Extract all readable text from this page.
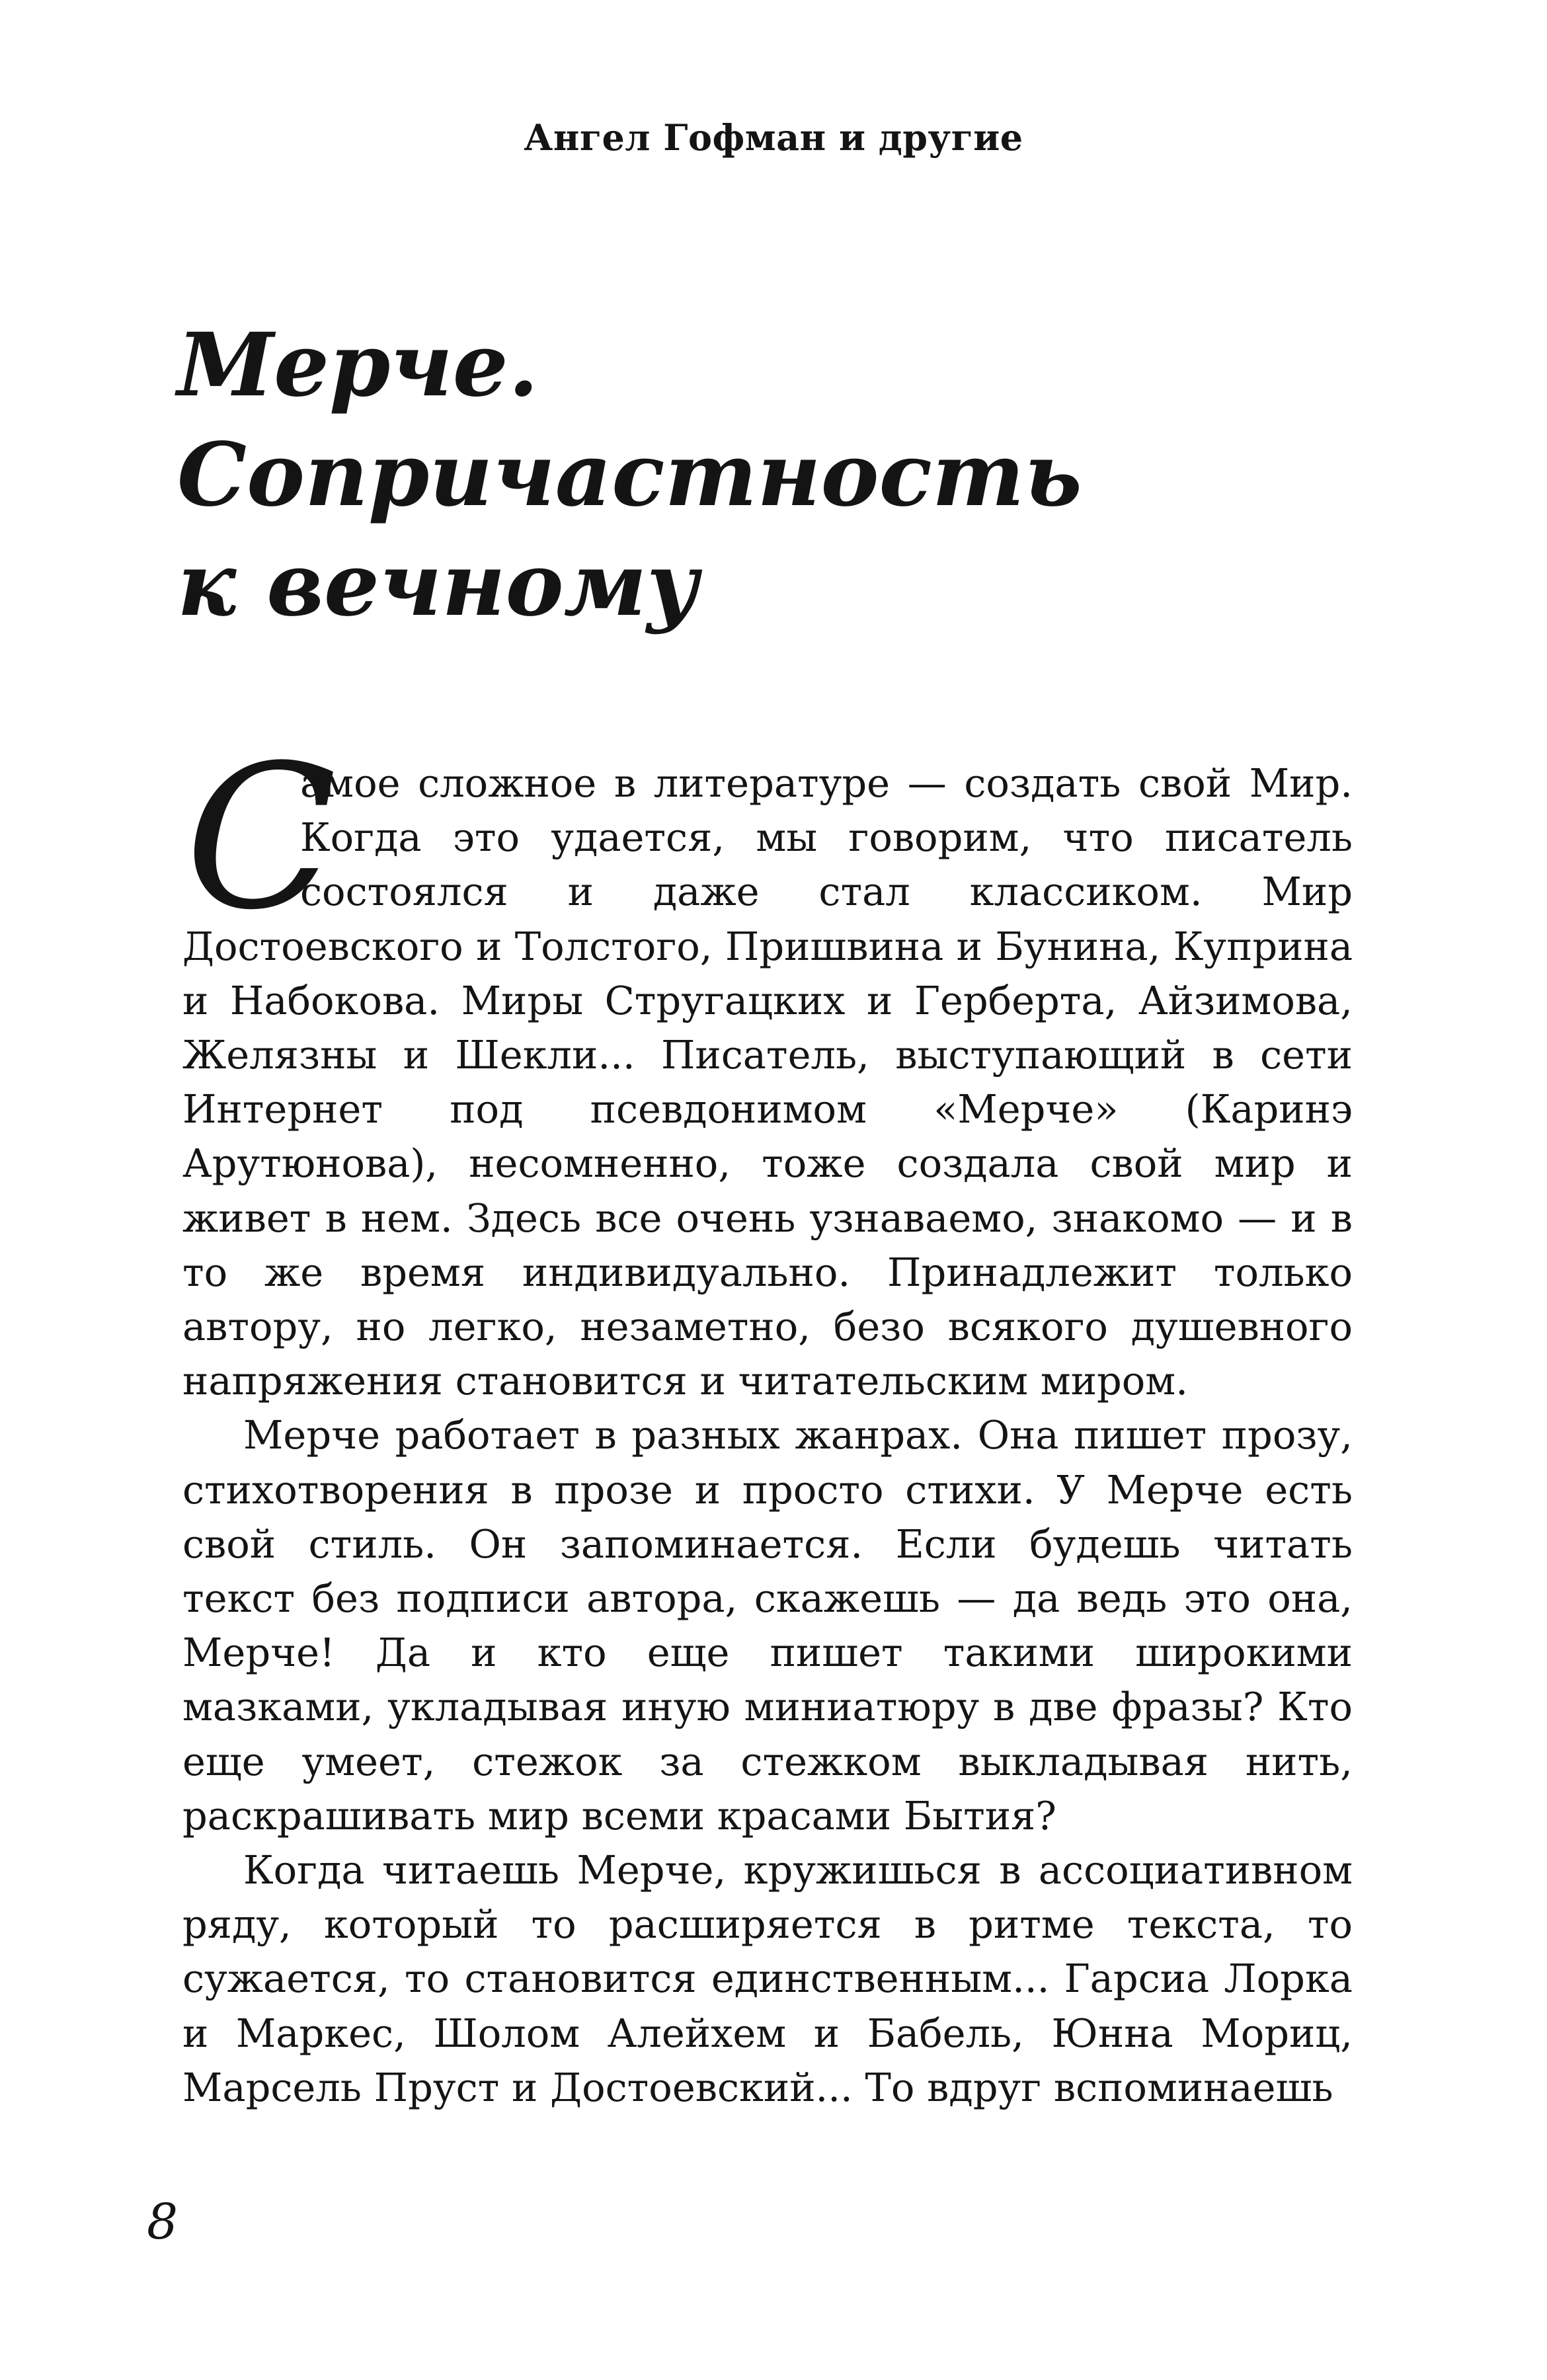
Ангел Гофман и другие
Мерче.
Сопричастность
к вечному

С
амое сложное в литературе — создать свой Мир. Когда это удается, мы говорим, что писатель состоялся и даже стал классиком. Мир Достоевского и Толстого, Пришвина и Бунина, Куприна и Набокова. Миры Стругацких и Герберта, Айзимова, Желязны и Шекли... Писатель, выступающий в сети Интернет под псевдонимом «Мерче» (Каринэ Арутюнова), несомненно, тоже создала свой мир и живет в нем. Здесь все очень узнаваемо, знакомо — и в то же время индивидуально. Принадлежит только автору, но легко, незаметно, безо всякого душевного напряжения становится и читательским миром.

Мерче работает в разных жанрах. Она пишет прозу, стихотворения в прозе и просто стихи. У Мерче есть свой стиль. Он запоминается. Если будешь читать текст без подписи автора, скажешь — да ведь это она, Мерче! Да и кто еще пишет такими широкими мазками, укладывая иную миниатюру в две фразы? Кто еще умеет, стежок за стежком выкладывая нить, раскрашивать мир всеми красами Бытия?

Когда читаешь Мерче, кружишься в ассоциативном ряду, который то расширяется в ритме текста, то сужается, то становится единственным... Гарсиа Лорка и Маркес, Шолом Алейхем и Бабель, Юнна Мориц, Марсель Пруст и Достоевский... То вдруг вспоминаешь

8
